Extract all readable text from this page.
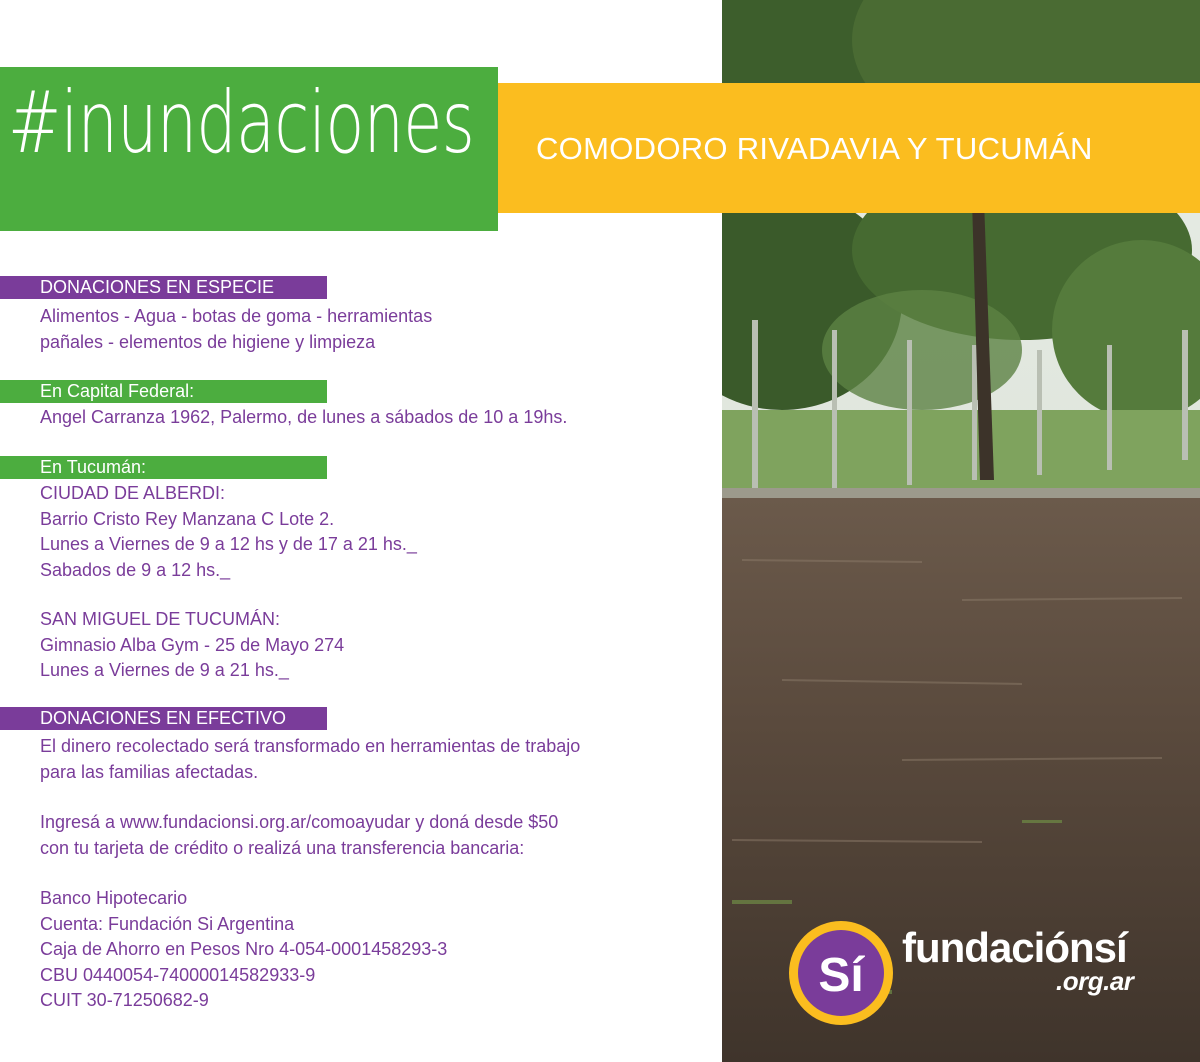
#inundaciones COMODORO RIVADAVIA Y TUCUMÁN
DONACIONES EN ESPECIE
Alimentos - Agua - botas de goma - herramientas
pañales - elementos de higiene y limpieza
En Capital Federal:
Angel Carranza 1962, Palermo, de lunes a sábados de 10 a 19hs.
En Tucumán:
CIUDAD DE ALBERDI:
Barrio Cristo Rey Manzana C Lote 2.
Lunes a Viernes de 9 a 12 hs y de 17 a 21 hs._
Sabados de 9 a 12 hs._
SAN MIGUEL DE TUCUMÁN:
Gimnasio Alba Gym - 25 de Mayo 274
Lunes a Viernes de 9 a 21 hs._
DONACIONES EN EFECTIVO
El dinero recolectado será transformado en herramientas de trabajo
para las familias afectadas.
Ingresá a www.fundacionsi.org.ar/comoayudar y doná desde $50
con tu tarjeta de crédito o realizá una transferencia bancaria:
Banco Hipotecario
Cuenta: Fundación Si Argentina
Caja de Ahorro en Pesos Nro 4-054-0001458293-3
CBU 0440054-74000014582933-9
CUIT 30-71250682-9	Sí
fundaciónsí
.org.ar
